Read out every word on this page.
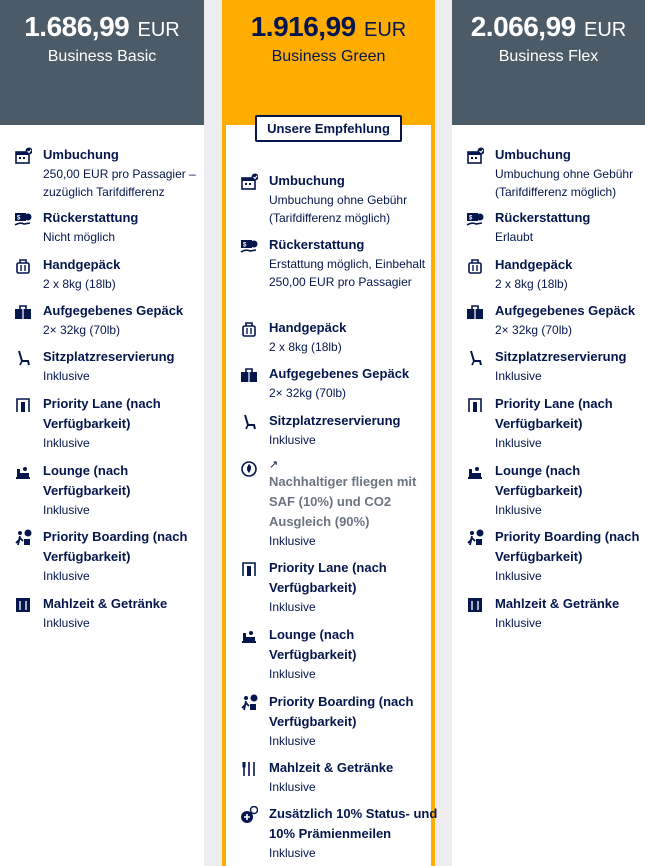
1.686,99 EUR
Business Basic
Umbuchung
250,00 EUR pro Passagier – zuzüglich Tarifdifferenz
$ Rückerstattung
Nicht möglich
Handgepäck
2 x 8kg (18lb)
Aufgegebenes Gepäck
2× 32kg (70lb)
Sitzplatzreservierung
Inklusive
Priority Lane (nach Verfügbarkeit)
Inklusive
Lounge (nach Verfügbarkeit)
Inklusive
Priority Boarding (nach Verfügbarkeit)
Inklusive
Mahlzeit & Getränke
Inklusive
1.916,99 EUR
Business Green
Unsere Empfehlung
Umbuchung
Umbuchung ohne Gebühr (Tarifdifferenz möglich)
$ Rückerstattung
Erstattung möglich, Einbehalt 250,00 EUR pro Passagier
Handgepäck
2 x 8kg (18lb)
Aufgegebenes Gepäck
2× 32kg (70lb)
Sitzplatzreservierung
Inklusive
↗
Nachhaltiger fliegen mit SAF (10%) und CO2 Ausgleich (90%)
Inklusive
Priority Lane (nach Verfügbarkeit)
Inklusive
Lounge (nach Verfügbarkeit)
Inklusive
Priority Boarding (nach Verfügbarkeit)
Inklusive
Mahlzeit & Getränke
Inklusive
Zusätzlich 10% Status- und 10% Prämienmeilen
Inklusive
2.066,99 EUR
Business Flex
Umbuchung
Umbuchung ohne Gebühr (Tarifdifferenz möglich)
$ Rückerstattung
Erlaubt
Handgepäck
2 x 8kg (18lb)
Aufgegebenes Gepäck
2× 32kg (70lb)
Sitzplatzreservierung
Inklusive
Priority Lane (nach Verfügbarkeit)
Inklusive
Lounge (nach Verfügbarkeit)
Inklusive
Priority Boarding (nach Verfügbarkeit)
Inklusive
Mahlzeit & Getränke
Inklusive
